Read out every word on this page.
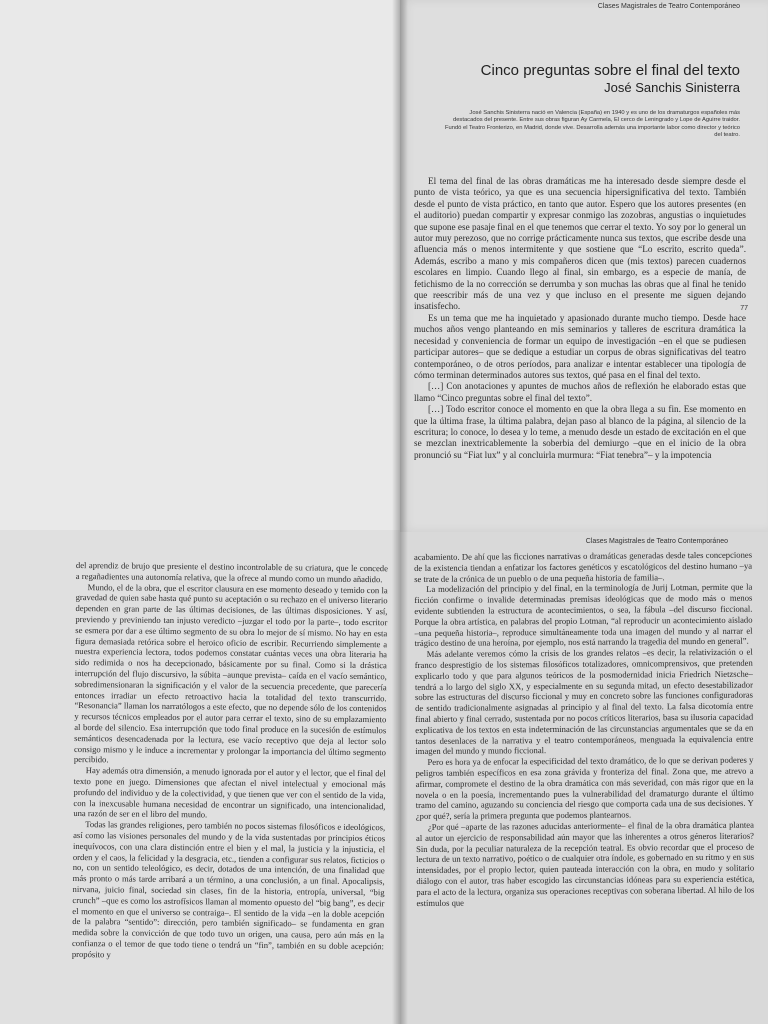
Clases Magistrales de Teatro Contemporáneo
Cinco preguntas sobre el final del texto
José Sanchis Sinisterra
José Sanchis Sinisterra nació en Valencia (España) en 1940 y es uno de los dramaturgos españoles más destacados del presente. Entre sus obras figuran Ay Carmela, El cerco de Leningrado y Lope de Aguirre traidor. Fundó el Teatro Fronterizo, en Madrid, donde vive. Desarrolla además una importante labor como director y teórico del teatro.

El tema del final de las obras dramáticas me ha interesado desde siempre desde el punto de vista teórico, ya que es una secuencia hipersignificativa del texto. También desde el punto de vista práctico, en tanto que autor. Espero que los autores presentes (en el auditorio) puedan compartir y expresar conmigo las zozobras, angustias o inquietudes que supone ese pasaje final en el que tenemos que cerrar el texto. Yo soy por lo general un autor muy perezoso, que no corrige prácticamente nunca sus textos, que escribe desde una afluencia más o menos intermitente y que sostiene que “Lo escrito, escrito queda”. Además, escribo a mano y mis compañeros dicen que (mis textos) parecen cuadernos escolares en limpio. Cuando llego al final, sin embargo, es a especie de manía, de fetichismo de la no corrección se derrumba y son muchas las obras que al final he tenido que reescribir más de una vez y que incluso en el presente me siguen dejando insatisfecho.

Es un tema que me ha inquietado y apasionado durante mucho tiempo. Desde hace muchos años vengo planteando en mis seminarios y talleres de escritura dramática la necesidad y conveniencia de formar un equipo de investigación –en el que se pudiesen participar autores– que se dedique a estudiar un corpus de obras significativas del teatro contemporáneo, o de otros períodos, para analizar e intentar establecer una tipología de cómo terminan determinados autores sus textos, qué pasa en el final del texto.

[…] Con anotaciones y apuntes de muchos años de reflexión he elaborado estas que llamo “Cinco preguntas sobre el final del texto”.

[…] Todo escritor conoce el momento en que la obra llega a su fin. Ese momento en que la última frase, la última palabra, dejan paso al blanco de la página, al silencio de la escritura; lo conoce, lo desea y lo teme, a menudo desde un estado de excitación en el que se mezclan inextricablemente la soberbia del demiurgo –que en el inicio de la obra pronunció su “Fiat lux” y al concluirla murmura: “Fiat tenebra”– y la impotencia

77

del aprendiz de brujo que presiente el destino incontrolable de su criatura, que le concede a regañadientes una autonomía relativa, que la ofrece al mundo como un mundo añadido.

Mundo, el de la obra, que el escritor clausura en ese momento deseado y temido con la gravedad de quien sabe hasta qué punto su aceptación o su rechazo en el universo literario dependen en gran parte de las últimas decisiones, de las últimas disposiciones. Y así, previendo y previniendo tan injusto veredicto –juzgar el todo por la parte–, todo escritor se esmera por dar a ese último segmento de su obra lo mejor de sí mismo. No hay en esta figura demasiada retórica sobre el heroico oficio de escribir. Recurriendo simplemente a nuestra experiencia lectora, todos podemos constatar cuántas veces una obra literaria ha sido redimida o nos ha decepcionado, básicamente por su final. Como si la drástica interrupción del flujo discursivo, la súbita –aunque prevista– caída en el vacío semántico, sobredimensionaran la significación y el valor de la secuencia precedente, que parecería entonces irradiar un efecto retroactivo hacia la totalidad del texto transcurrido. “Resonancia” llaman los narratólogos a este efecto, que no depende sólo de los contenidos y recursos técnicos empleados por el autor para cerrar el texto, sino de su emplazamiento al borde del silencio. Esa interrupción que todo final produce en la sucesión de estímulos semánticos desencadenada por la lectura, ese vacío receptivo que deja al lector solo consigo mismo y le induce a incrementar y prolongar la importancia del último segmento percibido.

Hay además otra dimensión, a menudo ignorada por el autor y el lector, que el final del texto pone en juego. Dimensiones que afectan el nivel intelectual y emocional más profundo del individuo y de la colectividad, y que tienen que ver con el sentido de la vida, con la inexcusable humana necesidad de encontrar un significado, una intencionalidad, una razón de ser en el libro del mundo.

Todas las grandes religiones, pero también no pocos sistemas filosóficos e ideológicos, así como las visiones personales del mundo y de la vida sustentadas por principios éticos inequívocos, con una clara distinción entre el bien y el mal, la justicia y la injusticia, el orden y el caos, la felicidad y la desgracia, etc., tienden a configurar sus relatos, ficticios o no, con un sentido teleológico, es decir, dotados de una intención, de una finalidad que más pronto o más tarde arribará a un término, a una conclusión, a un final. Apocalipsis, nirvana, juicio final, sociedad sin clases, fin de la historia, entropía, universal, “big crunch” –que es como los astrofísicos llaman al momento opuesto del “big bang”, es decir el momento en que el universo se contraiga–. El sentido de la vida –en la doble acepción de la palabra “sentido”: dirección, pero también significado– se fundamenta en gran medida sobre la convicción de que todo tuvo un origen, una causa, pero aún más en la confianza o el temor de que todo tiene o tendrá un “fin”, también en su doble acepción: propósito y

Clases Magistrales de Teatro Contemporáneo

acabamiento. De ahí que las ficciones narrativas o dramáticas generadas desde tales concepciones de la existencia tiendan a enfatizar los factores genéticos y escatológicos del destino humano –ya se trate de la crónica de un pueblo o de una pequeña historia de familia–.

La modelización del principio y del final, en la terminología de Jurij Lotman, permite que la ficción confirme o invalide determinadas premisas ideológicas que de modo más o menos evidente subtienden la estructura de acontecimientos, o sea, la fábula –del discurso ficcional. Porque la obra artística, en palabras del propio Lotman, “al reproducir un acontecimiento aislado –una pequeña historia–, reproduce simultáneamente toda una imagen del mundo y al narrar el trágico destino de una heroína, por ejemplo, nos está narrando la tragedia del mundo en general”.

Más adelante veremos cómo la crisis de los grandes relatos –es decir, la relativización o el franco desprestigio de los sistemas filosóficos totalizadores, omnicomprensivos, que pretenden explicarlo todo y que para algunos teóricos de la posmodernidad inicia Friedrich Nietzsche– tendrá a lo largo del siglo XX, y especialmente en su segunda mitad, un efecto desestabilizador sobre las estructuras del discurso ficcional y muy en concreto sobre las funciones configuradoras de sentido tradicionalmente asignadas al principio y al final del texto. La falsa dicotomía entre final abierto y final cerrado, sustentada por no pocos críticos literarios, basa su ilusoria capacidad explicativa de los textos en esta indeterminación de las circunstancias argumentales que se da en tantos desenlaces de la narrativa y el teatro contemporáneos, menguada la equivalencia entre imagen del mundo y mundo ficcional.

Pero es hora ya de enfocar la especificidad del texto dramático, de lo que se derivan poderes y peligros también específicos en esa zona grávida y fronteriza del final. Zona que, me atrevo a afirmar, compromete el destino de la obra dramática con más severidad, con más rigor que en la novela o en la poesía, incrementando pues la vulnerabilidad del dramaturgo durante el último tramo del camino, aguzando su conciencia del riesgo que comporta cada una de sus decisiones. Y ¿por qué?, sería la primera pregunta que podemos plantearnos.

¿Por qué –aparte de las razones aducidas anteriormente– el final de la obra dramática plantea al autor un ejercicio de responsabilidad aún mayor que las inherentes a otros géneros literarios? Sin duda, por la peculiar naturaleza de la recepción teatral. Es obvio recordar que el proceso de lectura de un texto narrativo, poético o de cualquier otra índole, es gobernado en su ritmo y en sus intensidades, por el propio lector, quien pauteada interacción con la obra, en mudo y solitario diálogo con el autor, tras haber escogido las circunstancias idóneas para su experiencia estética, para el acto de la lectura, organiza sus operaciones receptivas con soberana libertad. Al hilo de los estímulos que
